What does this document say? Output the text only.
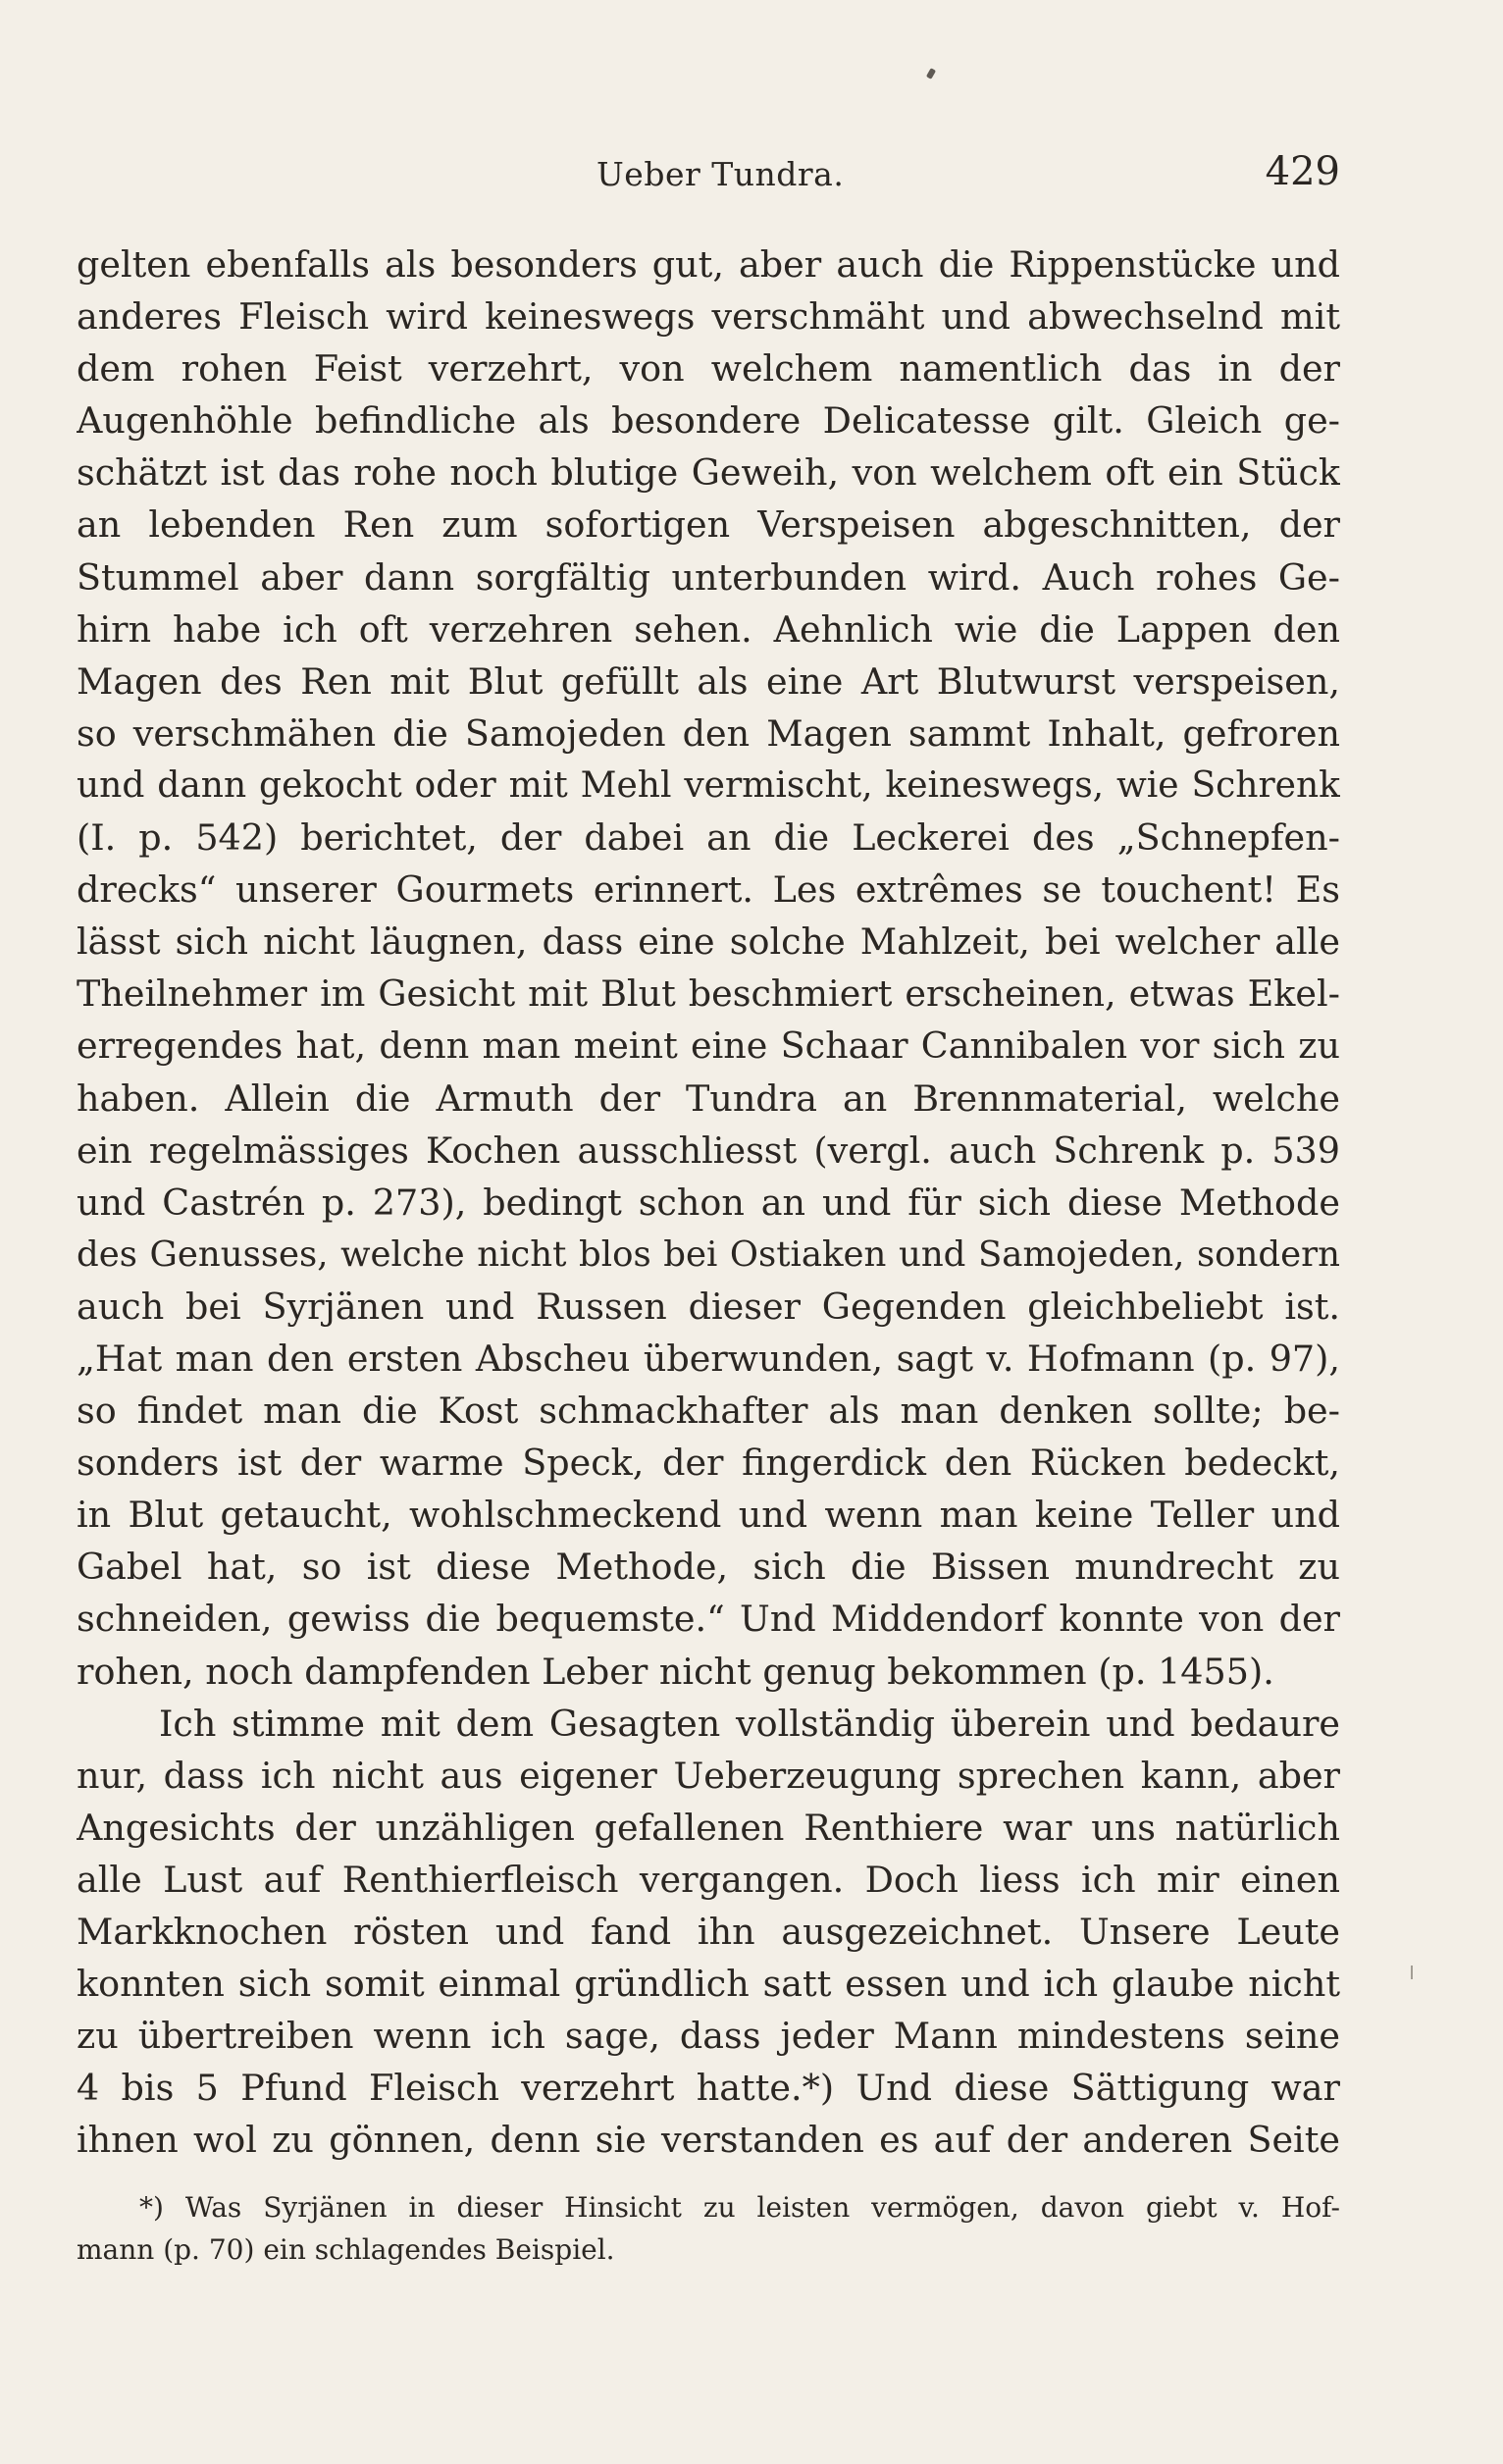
Ueber Tundra.	429
gelten ebenfalls als besonders gut, aber auch die Rippenstücke und
anderes Fleisch wird keineswegs verschmäht und abwechselnd mit
dem rohen Feist verzehrt, von welchem namentlich das in der
Augenhöhle befindliche als besondere Delicatesse gilt. Gleich ge-
schätzt ist das rohe noch blutige Geweih, von welchem oft ein Stück
an lebenden Ren zum sofortigen Verspeisen abgeschnitten, der
Stummel aber dann sorgfältig unterbunden wird. Auch rohes Ge-
hirn habe ich oft verzehren sehen. Aehnlich wie die Lappen den
Magen des Ren mit Blut gefüllt als eine Art Blutwurst verspeisen,
so verschmähen die Samojeden den Magen sammt Inhalt, gefroren
und dann gekocht oder mit Mehl vermischt, keineswegs, wie Schrenk
(I. p. 542) berichtet, der dabei an die Leckerei des „Schnepfen-
drecks“ unserer Gourmets erinnert. Les extrêmes se touchent! Es
lässt sich nicht läugnen, dass eine solche Mahlzeit, bei welcher alle
Theilnehmer im Gesicht mit Blut beschmiert erscheinen, etwas Ekel-
erregendes hat, denn man meint eine Schaar Cannibalen vor sich zu
haben. Allein die Armuth der Tundra an Brennmaterial, welche
ein regelmässiges Kochen ausschliesst (vergl. auch Schrenk p. 539
und Castrén p. 273), bedingt schon an und für sich diese Methode
des Genusses, welche nicht blos bei Ostiaken und Samojeden, sondern
auch bei Syrjänen und Russen dieser Gegenden gleichbeliebt ist.
„Hat man den ersten Abscheu überwunden, sagt v. Hofmann (p. 97),
so findet man die Kost schmackhafter als man denken sollte; be-
sonders ist der warme Speck, der fingerdick den Rücken bedeckt,
in Blut getaucht, wohlschmeckend und wenn man keine Teller und
Gabel hat, so ist diese Methode, sich die Bissen mundrecht zu
schneiden, gewiss die bequemste.“ Und Middendorf konnte von der
rohen, noch dampfenden Leber nicht genug bekommen (p. 1455).
Ich stimme mit dem Gesagten vollständig überein und bedaure
nur, dass ich nicht aus eigener Ueberzeugung sprechen kann, aber
Angesichts der unzähligen gefallenen Renthiere war uns natürlich
alle Lust auf Renthierfleisch vergangen. Doch liess ich mir einen
Markknochen rösten und fand ihn ausgezeichnet. Unsere Leute
konnten sich somit einmal gründlich satt essen und ich glaube nicht
zu übertreiben wenn ich sage, dass jeder Mann mindestens seine
4 bis 5 Pfund Fleisch verzehrt hatte.*) Und diese Sättigung war
ihnen wol zu gönnen, denn sie verstanden es auf der anderen Seite
*) Was Syrjänen in dieser Hinsicht zu leisten vermögen, davon giebt v. Hof-
mann (p. 70) ein schlagendes Beispiel.
